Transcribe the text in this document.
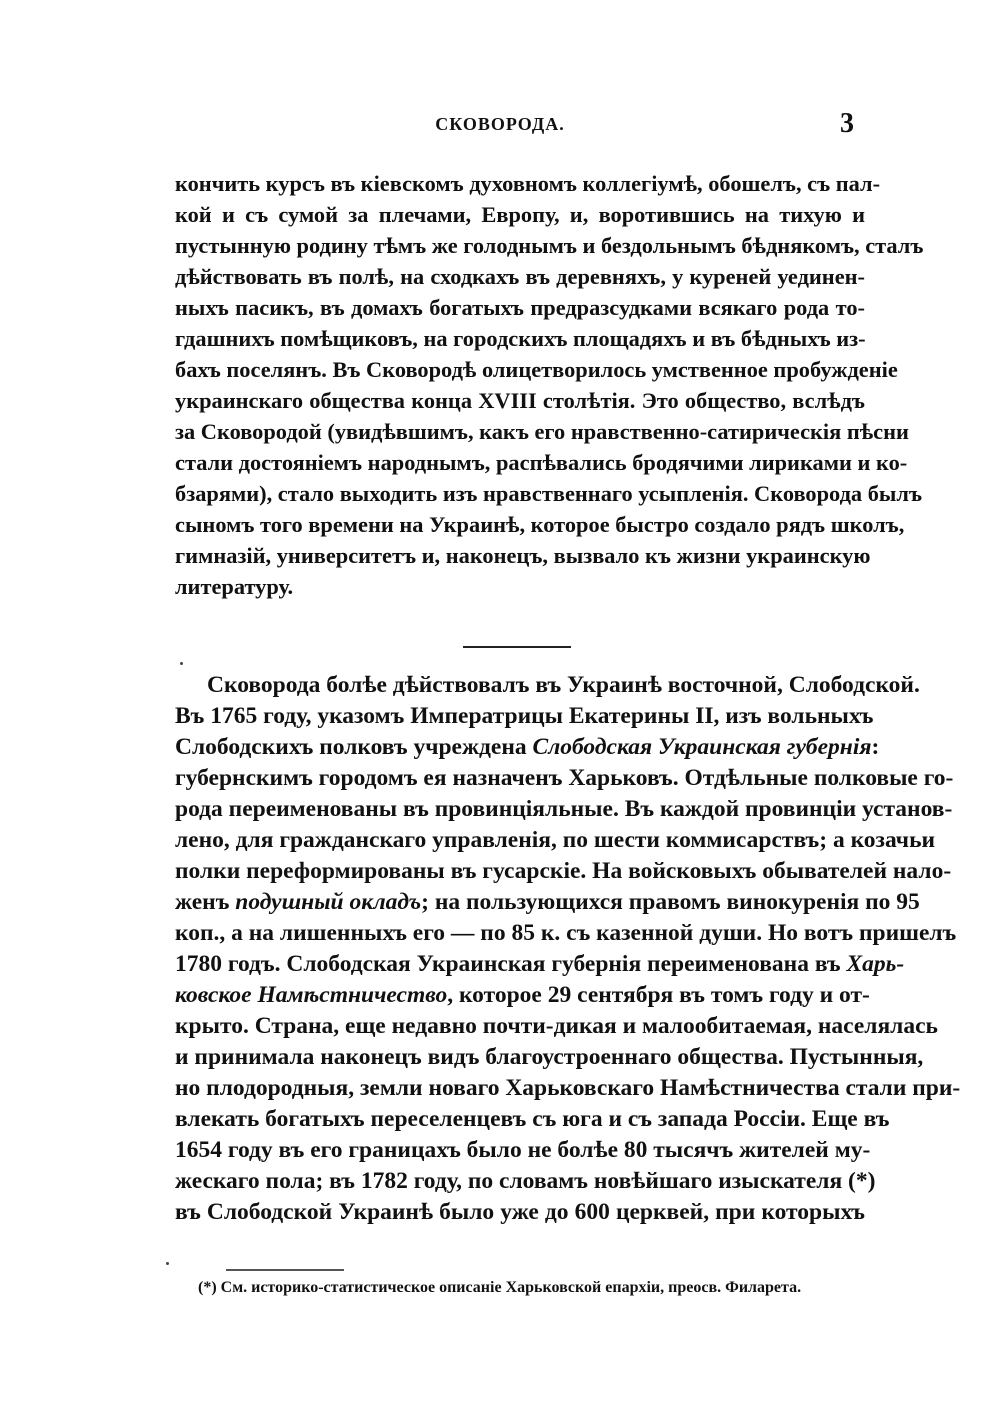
СКОВОРОДА.	3
кончить курсъ въ кіевскомъ духовномъ коллегіумѣ, обошелъ, съ пал-
кой и съ сумой за плечами, Европу, и, воротившись на тихую и
пустынную родину тѣмъ же голоднымъ и бездольнымъ бѣднякомъ, сталъ
дѣйствовать въ полѣ, на сходкахъ въ деревняхъ, у куреней уединен-
ныхъ пасикъ, въ домахъ богатыхъ предразсудками всякаго рода то-
гдашнихъ помѣщиковъ, на городскихъ площадяхъ и въ бѣдныхъ из-
бахъ поселянъ. Въ Сковородѣ олицетворилось умственное пробужденіе
украинскаго общества конца XVIII столѣтія. Это общество, вслѣдъ
за Сковородой (увидѣвшимъ, какъ его нравственно-сатирическія пѣсни
стали достояніемъ народнымъ, распѣвались бродячими лириками и ко-
бзарями), стало выходить изъ нравственнаго усыпленія. Сковорода былъ
сыномъ того времени на Украинѣ, которое быстро создало рядъ школъ,
гимназій, университетъ и, наконецъ, вызвало къ жизни украинскую
литературу.
Сковорода болѣе дѣйствовалъ въ Украинѣ восточной, Слободской.
Въ 1765 году, указомъ Императрицы Екатерины II, изъ вольныхъ
Слободскихъ полковъ учреждена Слободская Украинская губернія:
губернскимъ городомъ ея назначенъ Харьковъ. Отдѣльные полковые го-
рода переименованы въ провинціяльные. Въ каждой провинціи установ-
лено, для гражданскаго управленія, по шести коммисарствъ; а козачьи
полки переформированы въ гусарскіе. На войсковыхъ обывателей нало-
женъ подушный окладъ; на пользующихся правомъ винокуренія по 95
коп., а на лишенныхъ его — по 85 к. съ казенной души. Но вотъ пришелъ
1780 годъ. Слободская Украинская губернія переименована въ Харь-
ковское Намѣстничество, которое 29 сентября въ томъ году и от-
крыто. Страна, еще недавно почти-дикая и малообитаемая, населялась
и принимала наконецъ видъ благоустроеннаго общества. Пустынныя,
но плодородныя, земли новаго Харьковскаго Намѣстничества стали при-
влекать богатыхъ переселенцевъ съ юга и съ запада Россіи. Еще въ
1654 году въ его границахъ было не болѣе 80 тысячъ жителей му-
жескаго пола; въ 1782 году, по словамъ новѣйшаго изыскателя (*)
въ Слободской Украинѣ было уже до 600 церквей, при которыхъ
(*) См. историко-статистическое описаніе Харьковской епархіи, преосв. Филарета.
